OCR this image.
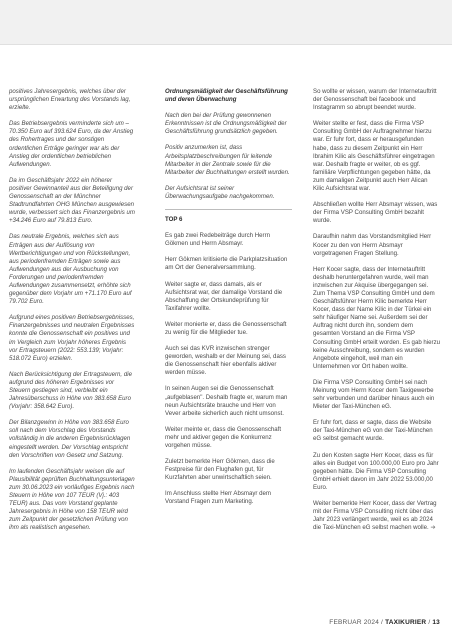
positives Jahresergebnis, welches über der ursprünglichen Erwartung des Vorstands lag, erzielte.

Das Betriebsergebnis verminderte sich um –70.350 Euro auf 393.624 Euro, da der Anstieg des Rohertrages und der sonstigen ordentlichen Erträge geringer war als der Anstieg der ordentlichen betrieblichen Aufwendungen.

Da im Geschäftsjahr 2022 ein höherer positiver Gewinnanteil aus der Beteiligung der Genossenschaft an der Münchner Stadtrundfahrten OHG München ausgewiesen wurde, verbessert sich das Finanzergebnis um +34.246 Euro auf 79.813 Euro.

Das neutrale Ergebnis, welches sich aus Erträgen aus der Auflösung von Wertberichtigungen und von Rückstellungen, aus periodenfremden Erträgen sowie aus Aufwendungen aus der Ausbuchung von Forderungen und periodenfremden Aufwendungen zusammensetzt, erhöhte sich gegenüber dem Vorjahr um +71.170 Euro auf 79.702 Euro.

Aufgrund eines positiven Betriebsergebnisses, Finanzergebnisses und neutralen Ergebnisses konnte die Genossenschaft ein positives und im Vergleich zum Vorjahr höheres Ergebnis vor Ertragsteuern (2022: 553.139; Vorjahr: 518.072 Euro) erzielen.

Nach Berücksichtigung der Ertragsteuern, die aufgrund des höheren Ergebnisses vor Steuern gestiegen sind, verbleibt ein Jahresüberschuss in Höhe von 383.658 Euro (Vorjahr: 358.642 Euro).

Der Bilanzgewinn in Höhe von 383.658 Euro soll nach dem Vorschlag des Vorstands vollständig in die anderen Ergebnisrücklagen eingestellt werden. Der Vorschlag entspricht den Vorschriften von Gesetz und Satzung.

Im laufenden Geschäftsjahr weisen die auf Plausibilität geprüften Buchhaltungsunterlagen zum 30.06.2023 ein vorläufiges Ergebnis nach Steuern in Höhe von 107 TEUR (Vj.: 403 TEUR) aus. Das vom Vorstand geplante Jahresergebnis in Höhe von 158 TEUR wird zum Zeitpunkt der gesetzlichen Prüfung von ihm als realistisch angesehen.

Ordnungsmäßigkeit der Geschäftsführung und deren Überwachung

Nach den bei der Prüfung gewonnenen Erkenntnissen ist die Ordnungsmäßigkeit der Geschäftsführung grundsätzlich gegeben.

Positiv anzumerken ist, dass Arbeitsplatzbeschreibungen für leitende Mitarbeiter in der Zentrale sowie für die Mitarbeiter der Buchhaltungen erstellt wurden.

Der Aufsichtsrat ist seiner Überwachungsaufgabe nachgekommen.

TOP 6

Es gab zwei Redebeiträge durch Herrn Gökmen und Herrn Absmayr.

Herr Gökmen kritisierte die Parkplatzsituation am Ort der Generalversammlung.

Weiter sagte er, dass damals, als er Aufsichtsrat war, der damalige Vorstand die Abschaffung der Ortskundeprüfung für Taxifahrer wollte.

Weiter monierte er, dass die Genossenschaft zu wenig für die Mitglieder tue.

Auch sei das KVR inzwischen strenger geworden, weshalb er der Meinung sei, dass die Genossenschaft hier ebenfalls aktiver werden müsse.

In seinen Augen sei die Genossenschaft „aufgeblasen". Deshalb fragte er, warum man neun Aufsichtsräte brauche und Herr von Vever arbeite sicherlich auch nicht umsonst.

Weiter meinte er, dass die Genossenschaft mehr und aktiver gegen die Konkurrenz vorgehen müsse.

Zuletzt bemerkte Herr Gökmen, dass die Festpreise für den Flughafen gut, für Kurzfahrten aber unwirtschaftlich seien.

Im Anschluss stellte Herr Absmayr dem Vorstand Fragen zum Marketing.

So wollte er wissen, warum der Internetauftritt der Genossenschaft bei facebook und Instagramm so abrupt beendet wurde.

Weiter stellte er fest, dass die Firma VSP Consulting GmbH der Auftragnehmer hierzu war. Er fuhr fort, dass er herausgefunden habe, dass zu diesem Zeitpunkt ein Herr Ibrahim Kilic als Geschäftsführer eingetragen war. Deshalb fragte er weiter, ob es ggf. familiäre Verpflichtungen gegeben hätte, da zum damaligen Zeitpunkt auch Herr Alican Kilic Aufsichtsrat war.

Abschließen wollte Herr Absmayr wissen, was der Firma VSP Consulting GmbH bezahlt wurde.

Daraufhin nahm das Vorstandsmitglied Herr Kocer zu den von Herrn Absmayr vorgetragenen Fragen Stellung.

Herr Kocer sagte, dass der Internetauftritt deshalb heruntergefahren wurde, weil man inzwischen zur Akquise übergegangen sei. Zum Thema VSP Consulting GmbH und dem Geschäftsführer Herrn Kilic bemerkte Herr Kocer, dass der Name Kilic in der Türkei ein sehr häufiger Name sei. Außerdem sei der Auftrag nicht durch ihn, sondern dem gesamten Vorstand an die Firma VSP Consulting GmbH erteilt worden. Es gab hierzu keine Ausschreibung, sondern es wurden Angebote eingeholt, weil man ein Unternehmen vor Ort haben wollte.

Die Firma VSP Consulting GmbH sei nach Meinung vom Herrn Kocer dem Taxigewerbe sehr verbunden und darüber hinaus auch ein Mieter der Taxi-München eG.

Er fuhr fort, dass er sagte, dass die Website der Taxi-München eG von der Taxi-München eG selbst gemacht wurde.

Zu den Kosten sagte Herr Kocer, dass es für alles ein Budget von 100.000,00 Euro pro Jahr gegeben hätte. Die Firma VSP Consulting GmbH erhielt davon im Jahr 2022 53.000,00 Euro.

Weiter bemerkte Herr Kocer, dass der Vertrag mit der Firma VSP Consulting nicht über das Jahr 2023 verlängert werde, weil es ab 2024 die Taxi-München eG selbst machen wolle. ➔

FEBRUAR 2024 / TAXIKURIER / 13
